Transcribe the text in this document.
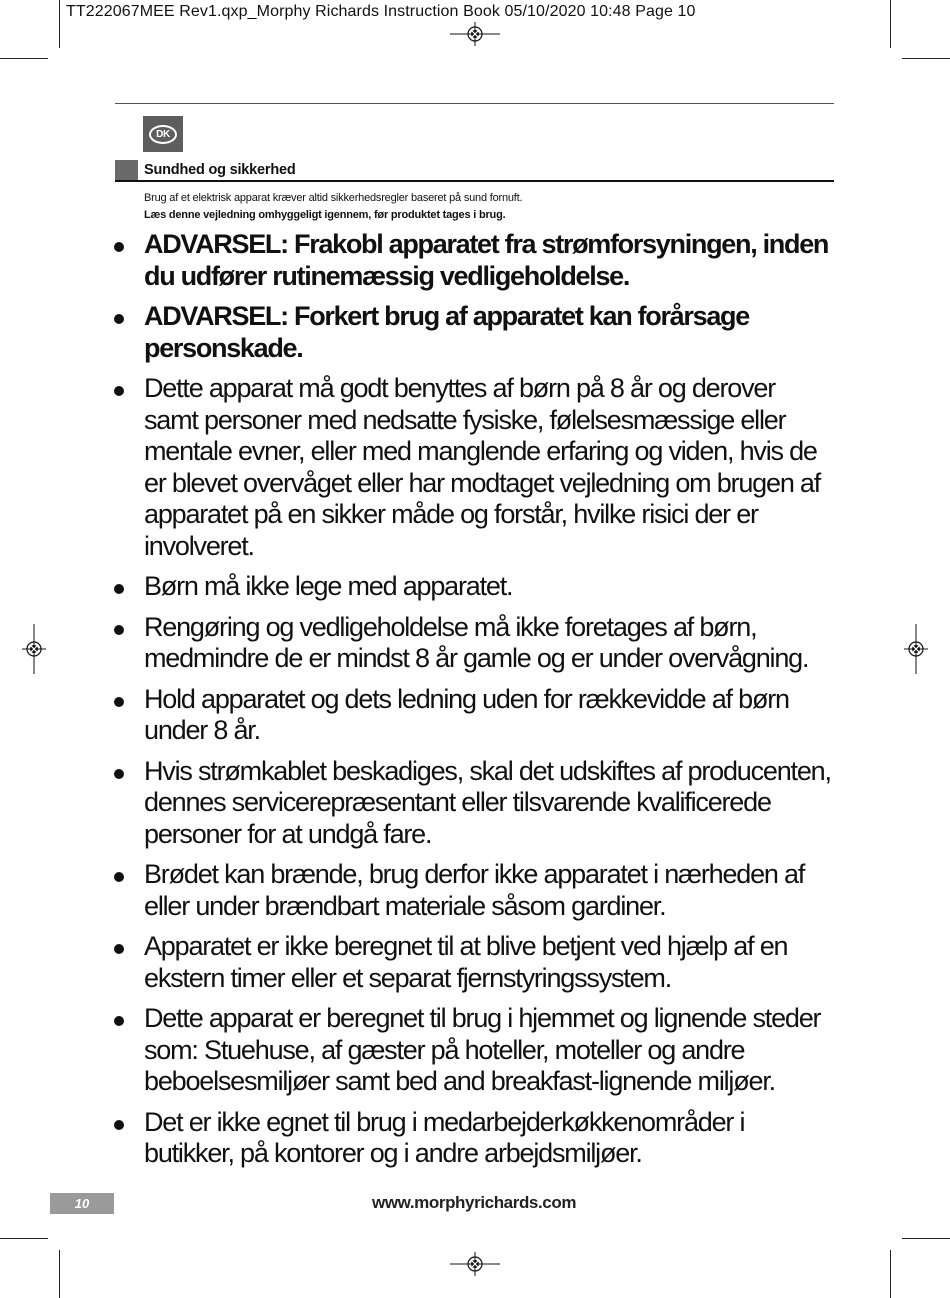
TT222067MEE Rev1.qxp_Morphy Richards Instruction Book 05/10/2020 10:48 Page 10
DK
Sundhed og sikkerhed
Brug af et elektrisk apparat kræver altid sikkerhedsregler baseret på sund fornuft.
Læs denne vejledning omhyggeligt igennem, før produktet tages i brug.
ADVARSEL: Frakobl apparatet fra strømforsyningen, inden du udfører rutinemæssig vedligeholdelse.
ADVARSEL: Forkert brug af apparatet kan forårsage personskade.
Dette apparat må godt benyttes af børn på 8 år og derover samt personer med nedsatte fysiske, følelsesmæssige eller mentale evner, eller med manglende erfaring og viden, hvis de er blevet overvåget eller har modtaget vejledning om brugen af apparatet på en sikker måde og forstår, hvilke risici der er involveret.
Børn må ikke lege med apparatet.
Rengøring og vedligeholdelse må ikke foretages af børn, medmindre de er mindst 8 år gamle og er under overvågning.
Hold apparatet og dets ledning uden for rækkevidde af børn under 8 år.
Hvis strømkablet beskadiges, skal det udskiftes af producenten, dennes servicerepræsentant eller tilsvarende kvalificerede personer for at undgå fare.
Brødet kan brænde, brug derfor ikke apparatet i nærheden af eller under brændbart materiale såsom gardiner.
Apparatet er ikke beregnet til at blive betjent ved hjælp af en ekstern timer eller et separat fjernstyringssystem.
Dette apparat er beregnet til brug i hjemmet og lignende steder som: Stuehuse, af gæster på hoteller, moteller og andre beboelsesmiljøer samt bed and breakfast-lignende miljøer.
Det er ikke egnet til brug i medarbejderkøkkenområder i butikker, på kontorer og i andre arbejdsmiljøer.
10	www.morphyrichards.com
